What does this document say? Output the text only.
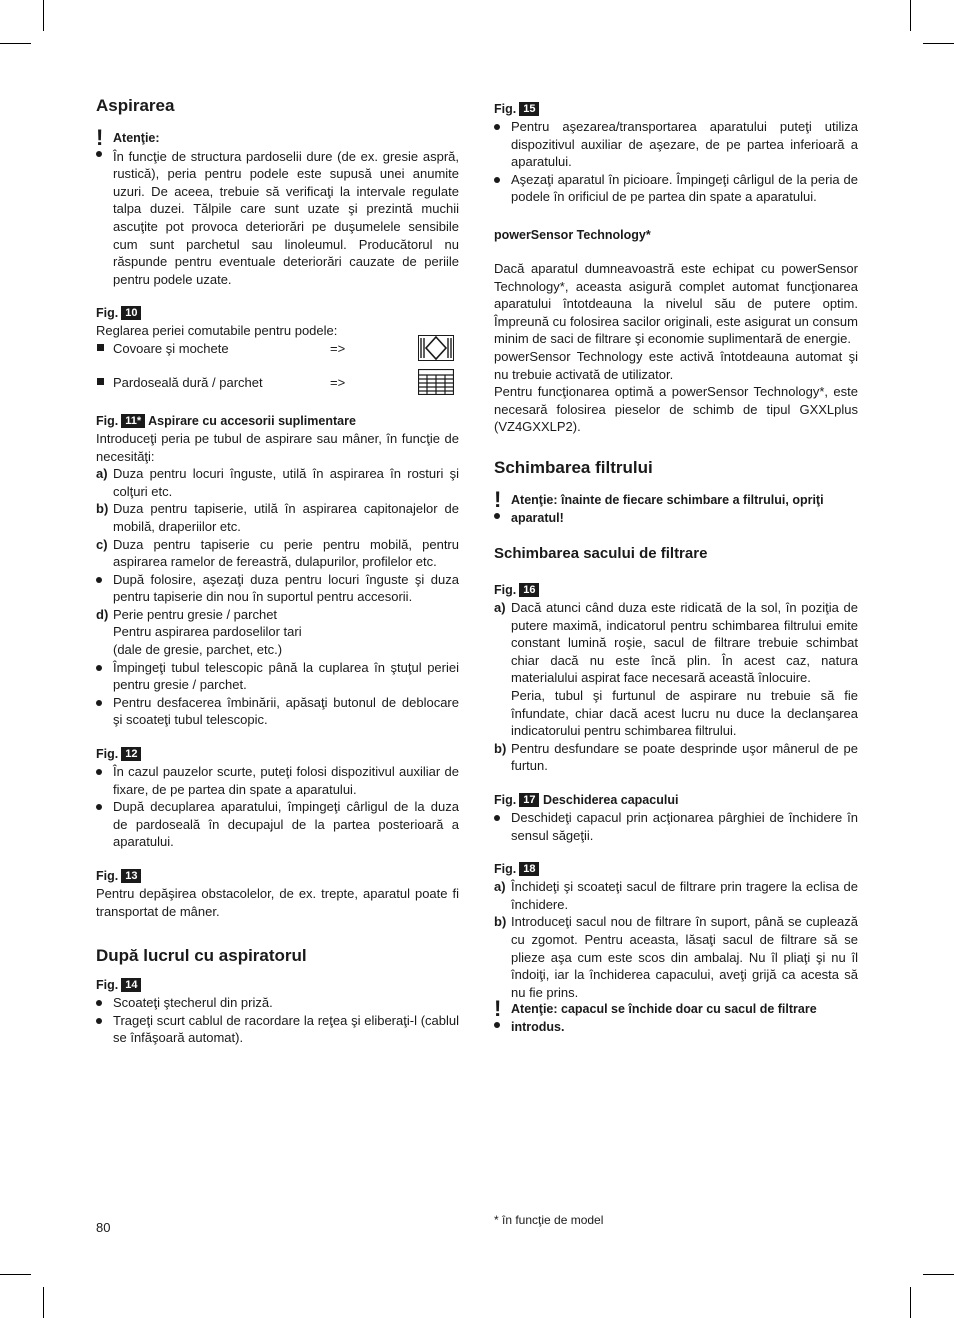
Aspirarea
! Atenţie:
În funcţie de structura pardoselii dure (de ex. gresie aspră, rustică), peria pentru podele este supusă unei anumite uzuri. De aceea, trebuie să verificaţi la intervale regulate talpa duzei. Tălpile care sunt uzate şi prezintă muchii ascuţite pot provoca deteriorări pe duşumelele sensibile cum sunt parchetul sau linoleumul. Producătorul nu răspunde pentru eventuale deteriorări cauzate de periile pentru podele uzate.
Fig. 10
Reglarea periei comutabile pentru podele:
Covoare şi mochete	=>
Pardoseală dură / parchet	=>
Fig. 11* Aspirare cu accesorii suplimentare
Introduceţi peria pe tubul de aspirare sau mâner, în funcţie de necesităţi:
a) Duza pentru locuri înguste, utilă în aspirarea în rosturi şi colţuri etc.
b) Duza pentru tapiserie, utilă în aspirarea capitonajelor de mobilă, draperiilor etc.
c) Duza pentru tapiserie cu perie pentru mobilă, pentru aspirarea ramelor de fereastră, dulapurilor, profilelor etc.
După folosire, aşezaţi duza pentru locuri înguste şi duza pentru tapiserie din nou în suportul pentru accesorii.
d) Perie pentru gresie / parchet
Pentru aspirarea pardoselilor tari
(dale de gresie, parchet, etc.)
Împingeţi tubul telescopic până la cuplarea în ştuţul periei pentru gresie / parchet.
Pentru desfacerea îmbinării, apăsaţi butonul de deblocare şi scoateţi tubul telescopic.
Fig. 12
În cazul pauzelor scurte, puteţi folosi dispozitivul auxiliar de fixare, de pe partea din spate a aparatului.
După decuplarea aparatului, împingeţi cârligul de la duza de pardoseală în decupajul de la partea posterioară a aparatului.
Fig. 13
Pentru depăşirea obstacolelor, de ex. trepte, aparatul poate fi transportat de mâner.
După lucrul cu aspiratorul
Fig. 14
Scoateţi ştecherul din priză.
Trageţi scurt cablul de racordare la reţea şi eliberaţi-l (cablul se înfăşoară automat).
Fig. 15
Pentru aşezarea/transportarea aparatului puteţi utiliza dispozitivul auxiliar de aşezare, de pe partea inferioară a aparatului.
Aşezaţi aparatul în picioare. Împingeţi cârligul de la peria de podele în orificiul de pe partea din spate a aparatului.
powerSensor Technology*
Dacă aparatul dumneavoastră este echipat cu powerSensor Technology*, aceasta asigură complet automat funcţionarea aparatului întotdeauna la nivelul său de putere optim. Împreună cu folosirea sacilor originali, este asigurat un consum minim de saci de filtrare şi economie suplimentară de energie.
powerSensor Technology este activă întotdeauna automat şi nu trebuie activată de utilizator.
Pentru funcţionarea optimă a powerSensor Technology*, este necesară folosirea pieselor de schimb de tipul GXXLplus (VZ4GXXLP2).
Schimbarea filtrului
! Atenţie: înainte de fiecare schimbare a filtrului, opriţi aparatul!
Schimbarea sacului de filtrare
Fig. 16
a) Dacă atunci când duza este ridicată de la sol, în poziţia de putere maximă, indicatorul pentru schimbarea filtrului emite constant lumină roşie, sacul de filtrare trebuie schimbat chiar dacă nu este încă plin. În acest caz, natura materialului aspirat face necesară această înlocuire.
Peria, tubul şi furtunul de aspirare nu trebuie să fie înfundate, chiar dacă acest lucru nu duce la declanşarea indicatorului pentru schimbarea filtrului.
b) Pentru desfundare se poate desprinde uşor mânerul de pe furtun.
Fig. 17 Deschiderea capacului
Deschideţi capacul prin acţionarea pârghiei de închidere în sensul săgeţii.
Fig. 18
a) Închideţi şi scoateţi sacul de filtrare prin tragere la eclisa de închidere.
b) Introduceţi sacul nou de filtrare în suport, până se cuplează cu zgomot. Pentru aceasta, lăsaţi sacul de filtrare să se plieze aşa cum este scos din ambalaj. Nu îl pliaţi şi nu îl îndoiţi, iar la închiderea capacului, aveţi grijă ca acesta să nu fie prins.
! Atenţie: capacul se închide doar cu sacul de filtrare introdus.
80	* în funcţie de model
